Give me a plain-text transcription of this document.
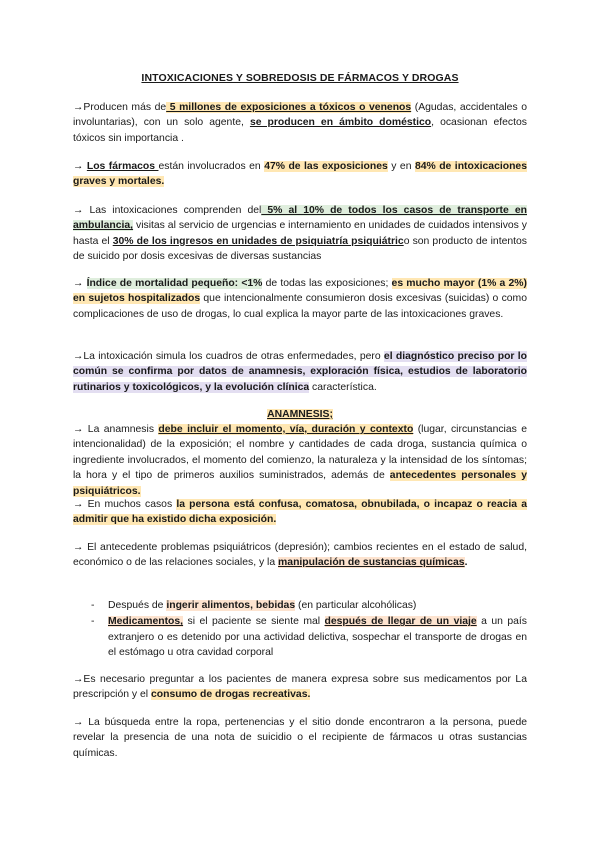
INTOXICACIONES Y SOBREDOSIS DE FÁRMACOS Y DROGAS
→Producen más de 5 millones de exposiciones a tóxicos o venenos (Agudas, accidentales o involuntarias), con un solo agente, se producen en ámbito doméstico, ocasionan efectos tóxicos sin importancia .
→ Los fármacos están involucrados en 47% de las exposiciones y en 84% de intoxicaciones graves y mortales.
→ Las intoxicaciones comprenden del 5% al 10% de todos los casos de transporte en ambulancia, visitas al servicio de urgencias e internamiento en unidades de cuidados intensivos y hasta el 30% de los ingresos en unidades de psiquiatría psiquiátrico son producto de intentos de suicido por dosis excesivas de diversas sustancias
→ Índice de mortalidad pequeño: <1% de todas las exposiciones; es mucho mayor (1% a 2%) en sujetos hospitalizados que intencionalmente consumieron dosis excesivas (suicidas) o como complicaciones de uso de drogas, lo cual explica la mayor parte de las intoxicaciones graves.
→La intoxicación simula los cuadros de otras enfermedades, pero el diagnóstico preciso por lo común se confirma por datos de anamnesis, exploración física, estudios de laboratorio rutinarios y toxicológicos, y la evolución clínica característica.
ANAMNESIS;
→ La anamnesis debe incluir el momento, vía, duración y contexto (lugar, circunstancias e intencionalidad) de la exposición; el nombre y cantidades de cada droga, sustancia química o ingrediente involucrados, el momento del comienzo, la naturaleza y la intensidad de los síntomas; la hora y el tipo de primeros auxilios suministrados, además de antecedentes personales y psiquiátricos.
→ En muchos casos la persona está confusa, comatosa, obnubilada, o incapaz o reacia a admitir que ha existido dicha exposición.
→ El antecedente problemas psiquiátricos (depresión); cambios recientes en el estado de salud, económico o de las relaciones sociales, y la manipulación de sustancias químicas.
- Después de ingerir alimentos, bebidas (en particular alcohólicas)
- Medicamentos, si el paciente se siente mal después de llegar de un viaje a un país extranjero o es detenido por una actividad delictiva, sospechar el transporte de drogas en el estómago u otra cavidad corporal
→Es necesario preguntar a los pacientes de manera expresa sobre sus medicamentos por La prescripción y el consumo de drogas recreativas.
→ La búsqueda entre la ropa, pertenencias y el sitio donde encontraron a la persona, puede revelar la presencia de una nota de suicidio o el recipiente de fármacos u otras sustancias químicas.
